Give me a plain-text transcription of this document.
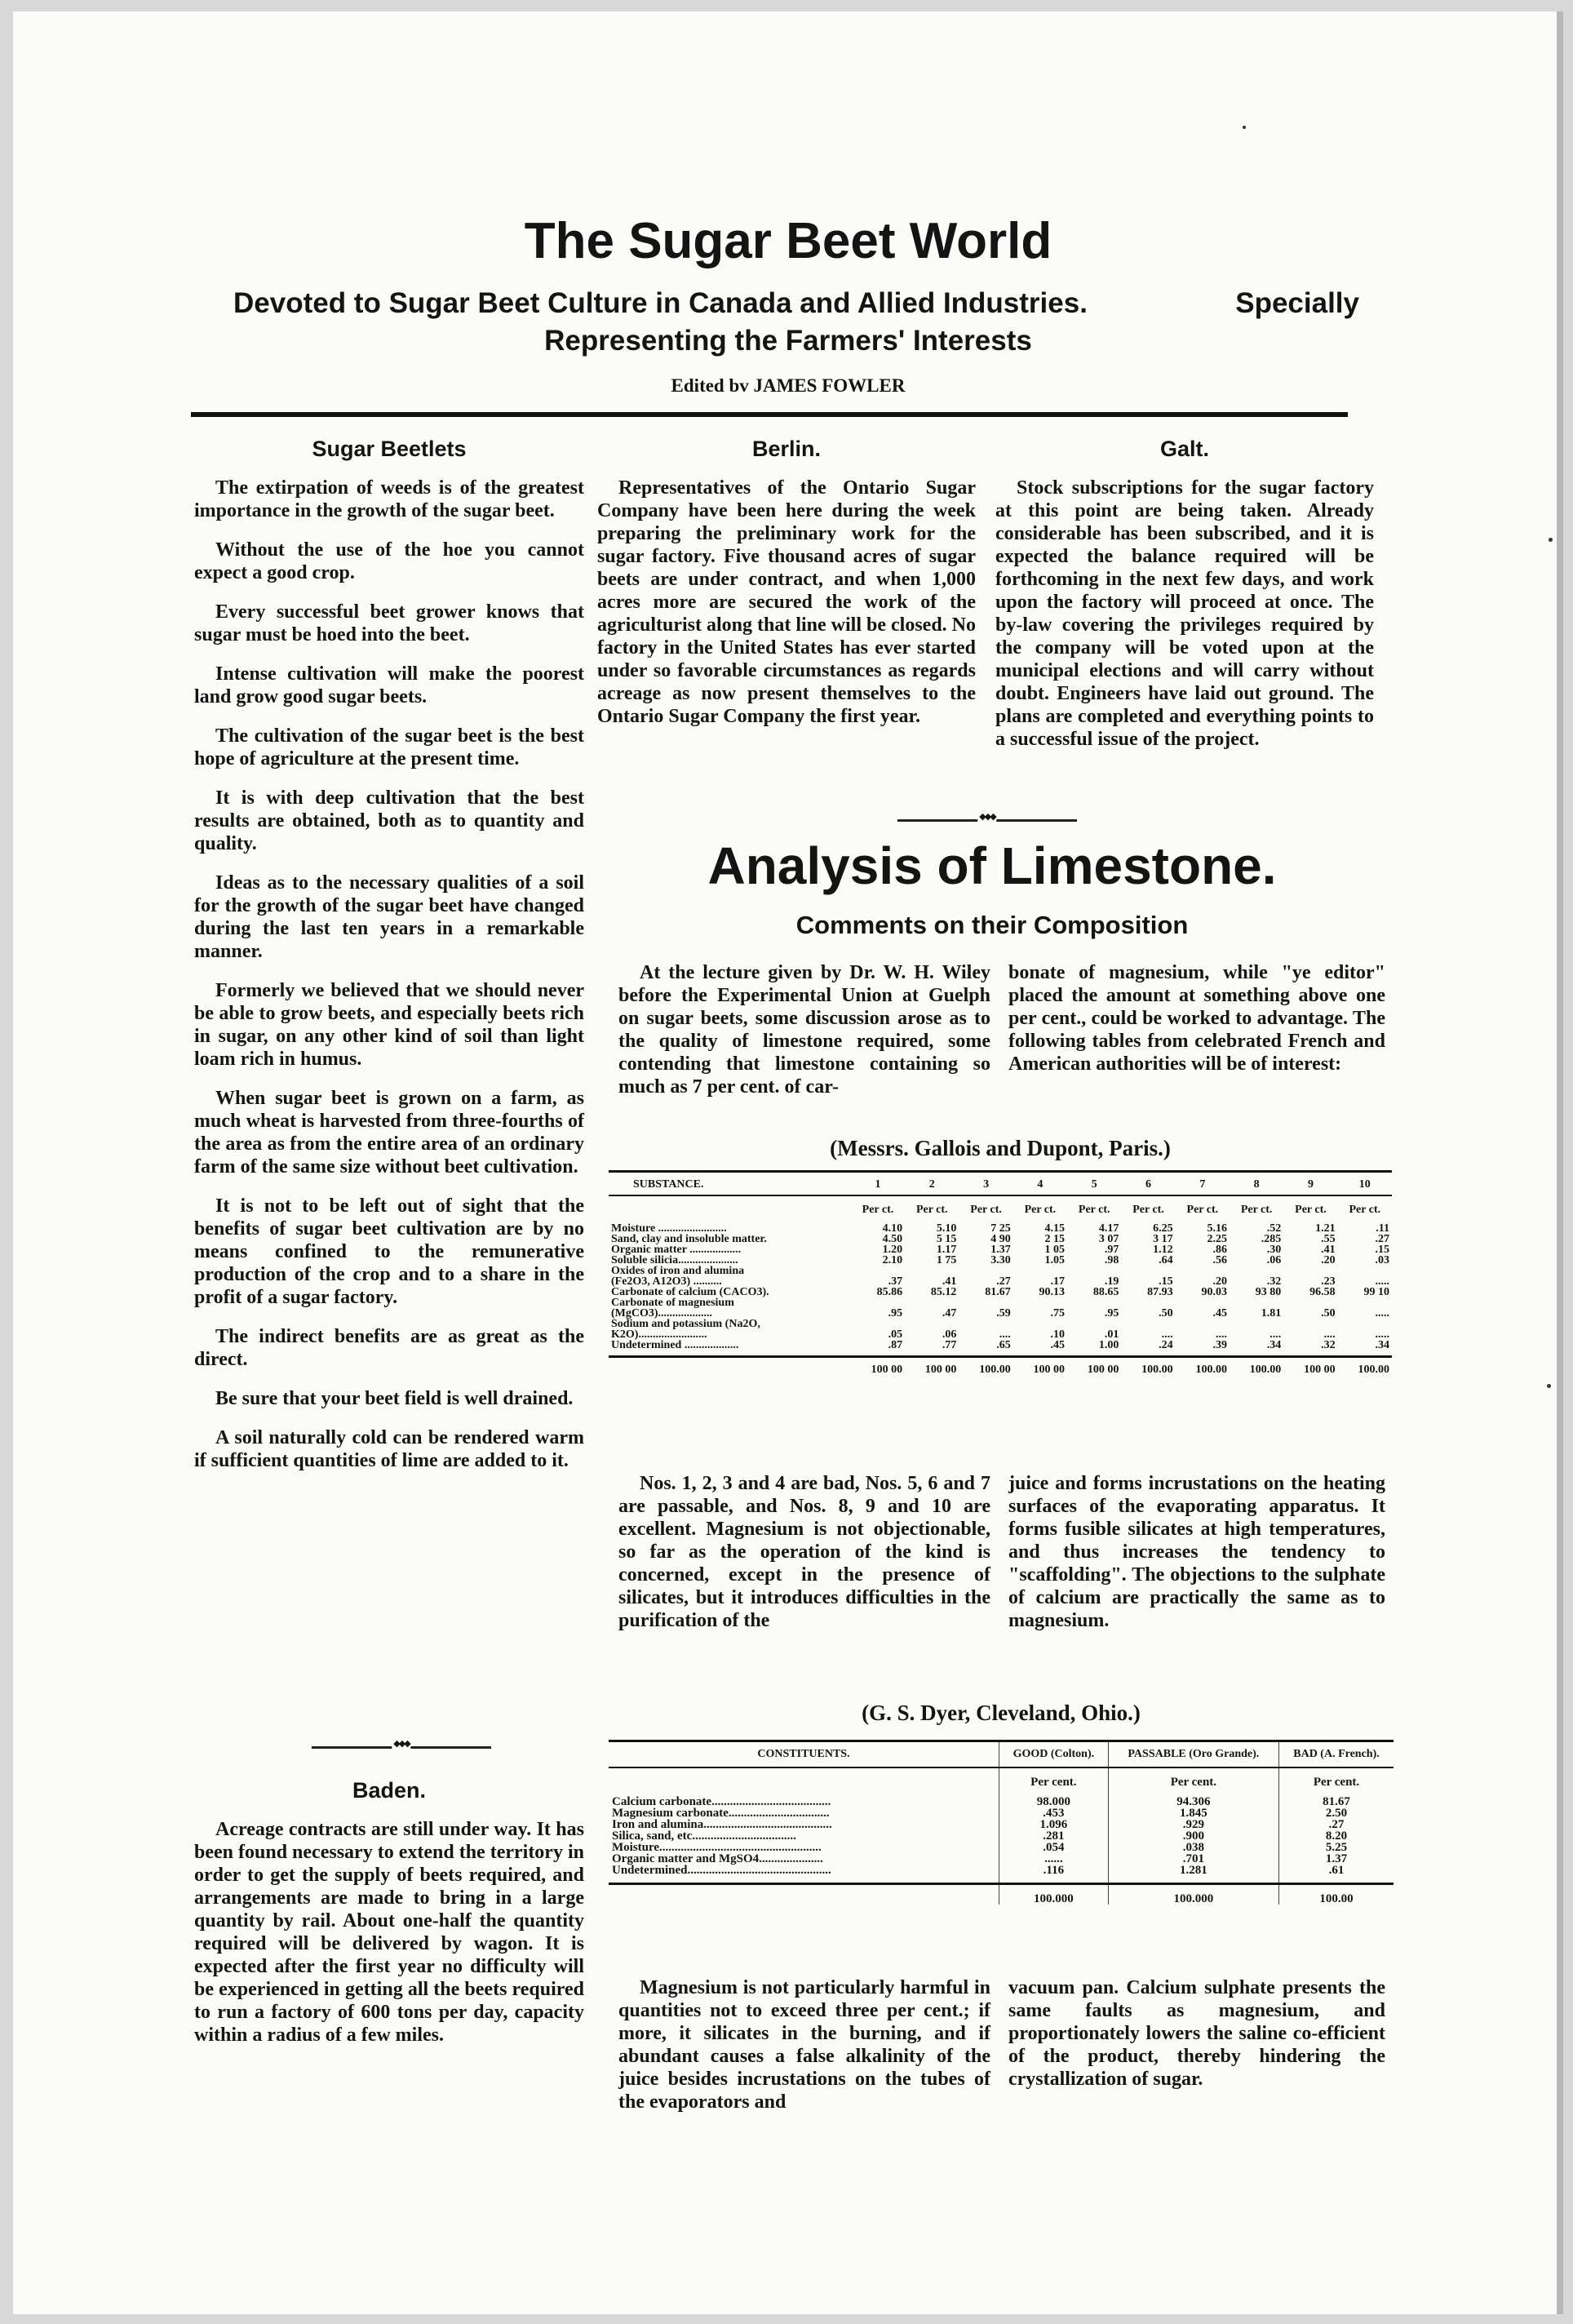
The Sugar Beet World
Devoted to Sugar Beet Culture in Canada and Allied Industries.	Specially
Representing the Farmers' Interests
Edited bv JAMES FOWLER

Sugar Beetlets

The extirpation of weeds is of the greatest importance in the growth of the sugar beet.

Without the use of the hoe you cannot expect a good crop.

Every successful beet grower knows that sugar must be hoed into the beet.

Intense cultivation will make the poorest land grow good sugar beets.

The cultivation of the sugar beet is the best hope of agriculture at the present time.

It is with deep cultivation that the best results are obtained, both as to quantity and quality.

Ideas as to the necessary qualities of a soil for the growth of the sugar beet have changed during the last ten years in a remarkable manner.

Formerly we believed that we should never be able to grow beets, and especially beets rich in sugar, on any other kind of soil than light loam rich in humus.

When sugar beet is grown on a farm, as much wheat is harvested from three-fourths of the area as from the entire area of an ordinary farm of the same size without beet cultivation.

It is not to be left out of sight that the benefits of sugar beet cultivation are by no means confined to the remunerative production of the crop and to a share in the profit of a sugar factory.

The indirect benefits are as great as the direct.

Be sure that your beet field is well drained.

A soil naturally cold can be rendered warm if sufficient quantities of lime are added to it.

◆◆◆

Baden.

Acreage contracts are still under way. It has been found necessary to extend the territory in order to get the supply of beets required, and arrangements are made to bring in a large quantity by rail. About one-half the quantity required will be delivered by wagon. It is expected after the first year no difficulty will be experienced in getting all the beets required to run a factory of 600 tons per day, capacity within a radius of a few miles.

Berlin.

Representatives of the Ontario Sugar Company have been here during the week preparing the preliminary work for the sugar factory. Five thousand acres of sugar beets are under contract, and when 1,000 acres more are secured the work of the agriculturist along that line will be closed. No factory in the United States has ever started under so favorable circumstances as regards acreage as now present themselves to the Ontario Sugar Company the first year.

Galt.

Stock subscriptions for the sugar factory at this point are being taken. Already considerable has been subscribed, and it is expected the balance required will be forthcoming in the next few days, and work upon the factory will proceed at once. The by-law covering the privileges required by the company will be voted upon at the municipal elections and will carry without doubt. Engineers have laid out ground. The plans are completed and everything points to a successful issue of the project.

◆◆◆
Analysis of Limestone.
Comments on their Composition

At the lecture given by Dr. W. H. Wiley before the Experimental Union at Guelph on sugar beets, some discussion arose as to the quality of limestone required, some contending that limestone containing so much as 7 per cent. of car-

bonate of magnesium, while "ye editor" placed the amount at something above one per cent., could be worked to advantage. The following tables from celebrated French and American authorities will be of interest:

(Messrs. Gallois and Dupont, Paris.)
SUBSTANCE.	1	2	3	4	5	6	7	8	9	10
	Per ct.	Per ct.	Per ct.	Per ct.	Per ct.	Per ct.	Per ct.	Per ct.	Per ct.	Per ct.
Moisture ........................	4.10	5.10	7 25	4.15	4.17	6.25	5.16	.52	1.21	.11
Sand, clay and insoluble matter.	4.50	5 15	4 90	2 15	3 07	3 17	2.25	.285	.55	.27
Organic matter ..................	1.20	1.17	1.37	1 05	.97	1.12	.86	.30	.41	.15
Soluble silicia.....................	2.10	1 75	3.30	1.05	.98	.64	.56	.06	.20	.03
Oxides of iron and alumina										
(Fe2O3, A12O3) ..........	.37	.41	.27	.17	.19	.15	.20	.32	.23	.....
Carbonate of calcium (CACO3).	85.86	85.12	81.67	90.13	88.65	87.93	90.03	93 80	96.58	99 10
Carbonate of magnesium										
(MgCO3)...................	.95	.47	.59	.75	.95	.50	.45	1.81	.50	.....
Sodium and potassium (Na2O,										
K2O)........................	.05	.06	....	.10	.01	....	....	....	....	.....
Undetermined ...................	.87	.77	.65	.45	1.00	.24	.39	.34	.32	.34
	100 00	100 00	100.00	100 00	100 00	100.00	100.00	100.00	100 00	100.00

Nos. 1, 2, 3 and 4 are bad, Nos. 5, 6 and 7 are passable, and Nos. 8, 9 and 10 are excellent. Magnesium is not objectionable, so far as the operation of the kind is concerned, except in the presence of silicates, but it introduces difficulties in the purification of the

juice and forms incrustations on the heating surfaces of the evaporating apparatus. It forms fusible silicates at high temperatures, and thus increases the tendency to "scaffolding". The objections to the sulphate of calcium are practically the same as to magnesium.

(G. S. Dyer, Cleveland, Ohio.)
CONSTITUENTS.	GOOD (Colton).	PASSABLE (Oro Grande).	BAD (A. French).
	Per cent.	Per cent.	Per cent.
Calcium carbonate.......................................	98.000	94.306	81.67
Magnesium carbonate.................................	.453	1.845	2.50
Iron and alumina..........................................	1.096	.929	.27
Silica, sand, etc..................................	.281	.900	8.20
Moisture.....................................................	.054	.038	5.25
Organic matter and MgSO4.....................	......	.701	1.37
Undetermined...............................................	.116	1.281	.61
	100.000	100.000	100.00

Magnesium is not particularly harmful in quantities not to exceed three per cent.; if more, it silicates in the burning, and if abundant causes a false alkalinity of the juice besides incrustations on the tubes of the evaporators and

vacuum pan. Calcium sulphate presents the same faults as magnesium, and proportionately lowers the saline co-efficient of the product, thereby hindering the crystallization of sugar.
